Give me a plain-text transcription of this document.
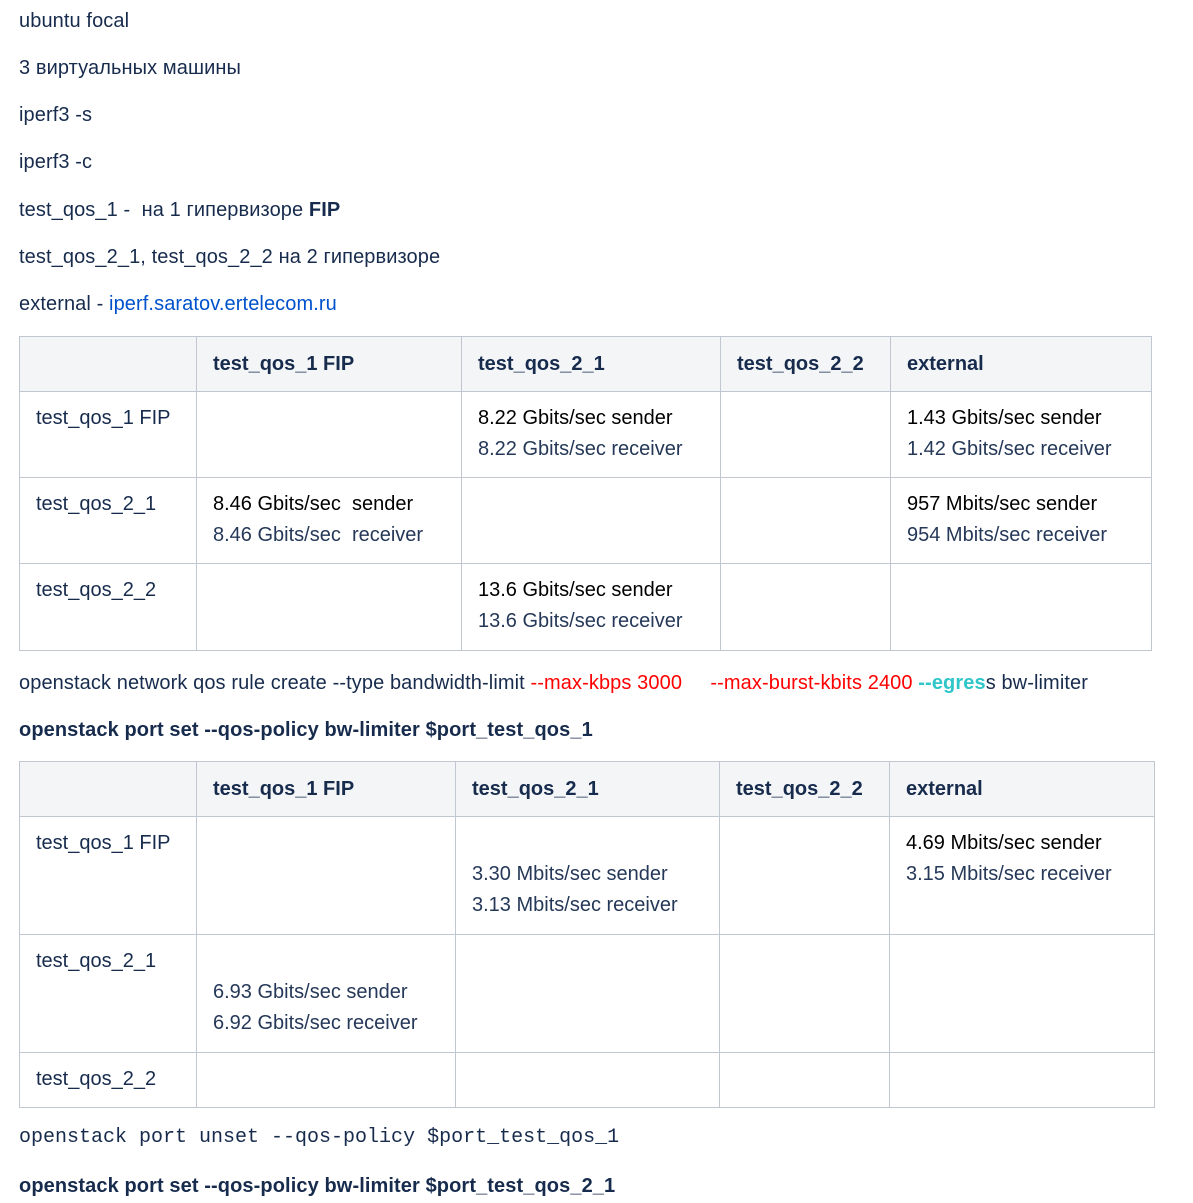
ubuntu focal
3 виртуальных машины
iperf3 -s
iperf3 -c
test_qos_1 -  на 1 гипервизоре FIP
test_qos_2_1, test_qos_2_2 на 2 гипервизоре
external - iperf.saratov.ertelecom.ru
	test_qos_1 FIP	test_qos_2_1	test_qos_2_2	external
test_qos_1 FIP		8.22 Gbits/sec sender
8.22 Gbits/sec receiver		1.43 Gbits/sec sender
1.42 Gbits/sec receiver

test_qos_2_1	8.46 Gbits/sec  sender
8.46 Gbits/sec  receiver			957 Mbits/sec sender
954 Mbits/sec receiver

test_qos_2_2		13.6 Gbits/sec sender
13.6 Gbits/sec receiver		

openstack network qos rule create --type bandwidth-limit --max-kbps 3000 --max-burst-kbits 2400 --egress bw-limiter
openstack port set --qos-policy bw-limiter $port_test_qos_1
	test_qos_1 FIP	test_qos_2_1	test_qos_2_2	external
test_qos_1 FIP		3.30 Mbits/sec sender
3.13 Mbits/sec receiver		4.69 Mbits/sec sender
3.15 Mbits/sec receiver

test_qos_2_1	6.93 Gbits/sec sender
6.92 Gbits/sec receiver			

test_qos_2_2				
openstack port unset --qos-policy $port_test_qos_1
openstack port set --qos-policy bw-limiter $port_test_qos_2_1
